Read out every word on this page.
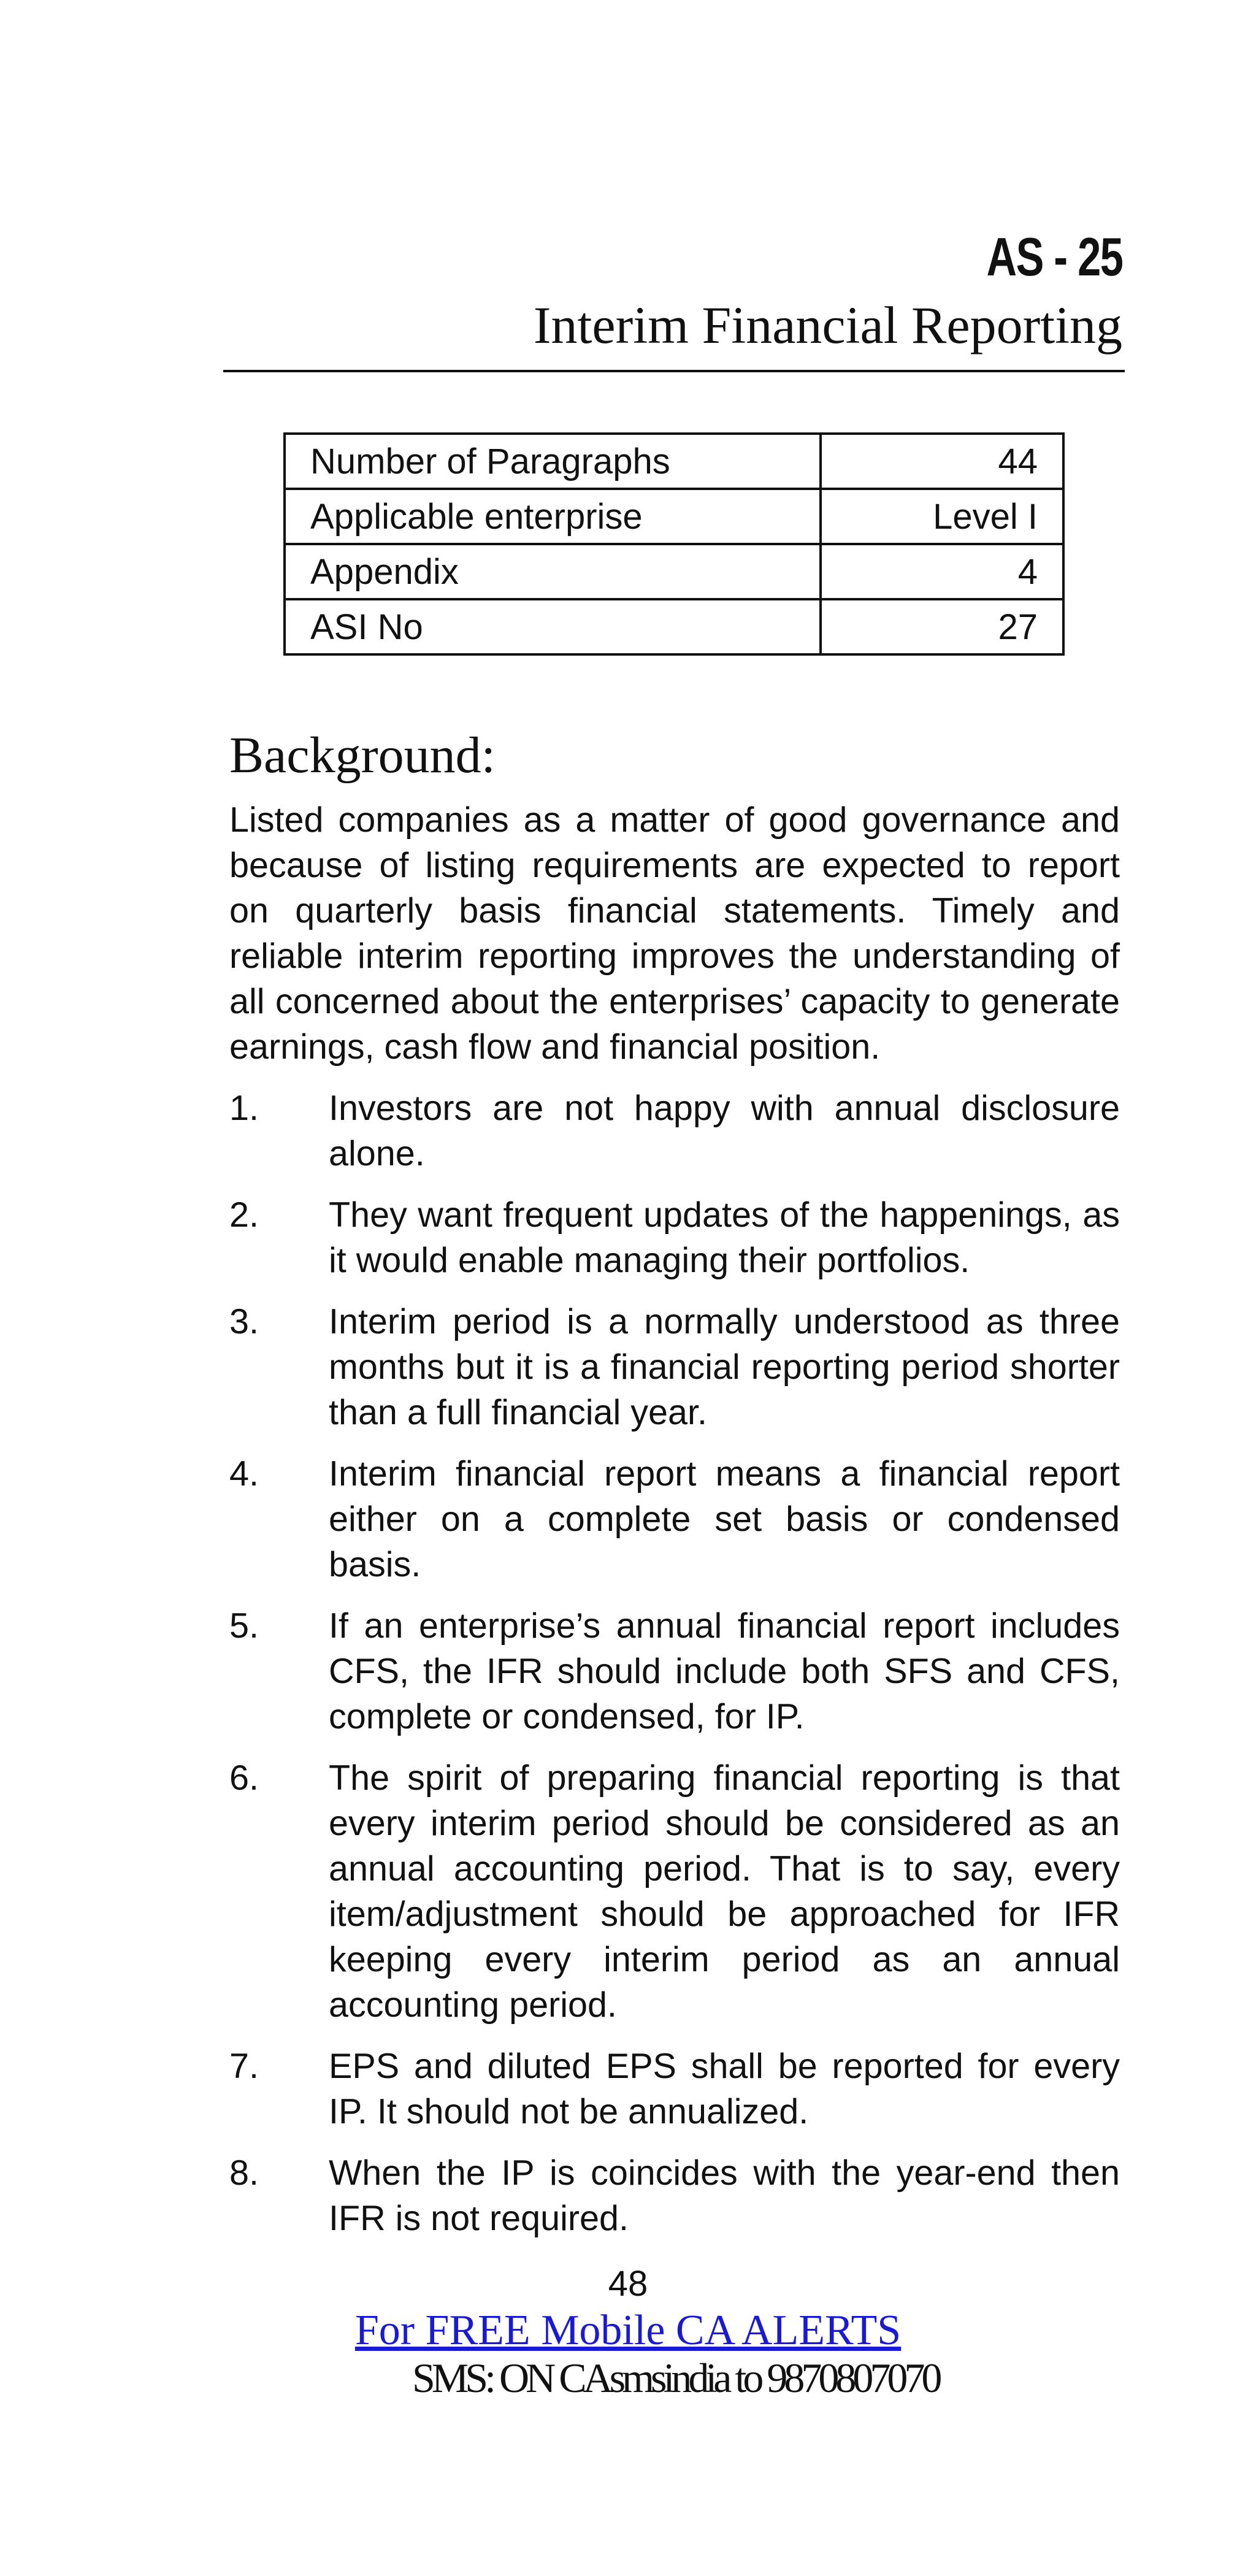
AS - 25
Interim Financial Reporting
Number of Paragraphs	44
Applicable enterprise	Level I
Appendix	4
ASI No	27
Background:
Listed companies as a matter of good governance and because of listing requirements are expected to report on quarterly basis financial statements. Timely and reliable interim reporting improves the understanding of all concerned about the enterprises’ capacity to generate earnings, cash flow and financial position.
1.	Investors are not happy with annual disclosure alone.
2.	They want frequent updates of the happenings, as it would enable managing their portfolios.
3.	Interim period is a normally understood as three months but it is a financial reporting period shorter than a full financial year.
4.	Interim financial report means a financial report either on a complete set basis or condensed basis.
5.	If an enterprise’s annual financial report includes CFS, the IFR should include both SFS and CFS, complete or condensed, for IP.
6.	The spirit of preparing financial reporting is that every interim period should be considered as an annual accounting period. That is to say, every item/adjustment should be approached for IFR keeping every interim period as an annual accounting period.
7.	EPS and diluted EPS shall be reported for every IP. It should not be annualized.
8.	When the IP is coincides with the year-end then IFR is not required.
48
For FREE Mobile CA ALERTS
SMS: ON CAsmsindia to 9870807070
